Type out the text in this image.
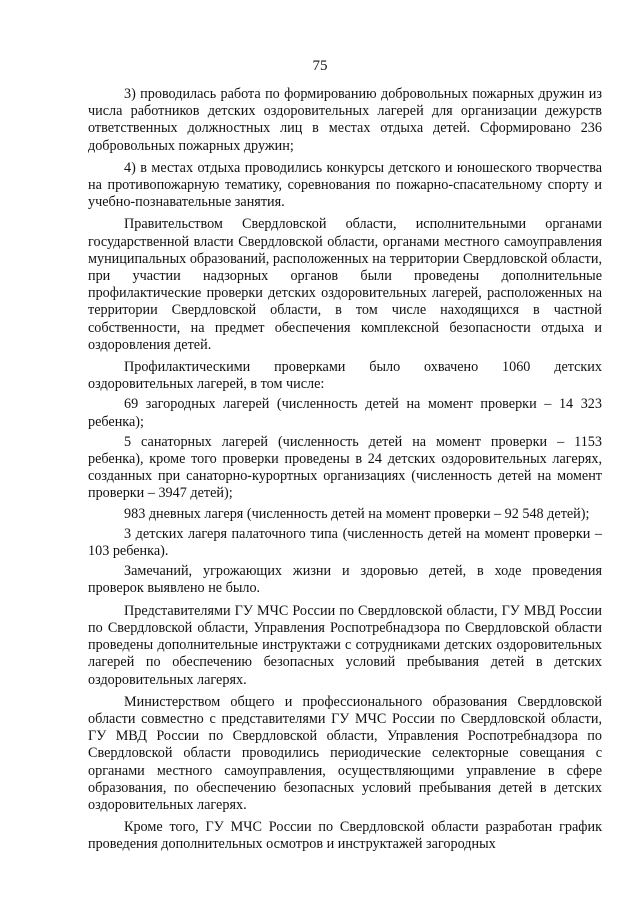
75

3) проводилась работа по формированию добровольных пожарных дружин из числа работников детских оздоровительных лагерей для организации дежурств ответственных должностных лиц в местах отдыха детей. Сформировано 236 добровольных пожарных дружин;

4) в местах отдыха проводились конкурсы детского и юношеского творчества на противопожарную тематику, соревнования по пожарно-спасательному спорту и учебно-познавательные занятия.

Правительством Свердловской области, исполнительными органами государственной власти Свердловской области, органами местного самоуправления муниципальных образований, расположенных на территории Свердловской области, при участии надзорных органов были проведены дополнительные профилактические проверки детских оздоровительных лагерей, расположенных на территории Свердловской области, в том числе находящихся в частной собственности, на предмет обеспечения комплексной безопасности отдыха и оздоровления детей.

Профилактическими проверками было охвачено 1060 детских оздоровительных лагерей, в том числе:

69 загородных лагерей (численность детей на момент проверки – 14 323 ребенка);

5 санаторных лагерей (численность детей на момент проверки – 1153 ребенка), кроме того проверки проведены в 24 детских оздоровительных лагерях, созданных при санаторно-курортных организациях (численность детей на момент проверки – 3947 детей);

983 дневных лагеря (численность детей на момент проверки – 92 548 детей);

3 детских лагеря палаточного типа (численность детей на момент проверки – 103 ребенка).

Замечаний, угрожающих жизни и здоровью детей, в ходе проведения проверок выявлено не было.

Представителями ГУ МЧС России по Свердловской области, ГУ МВД России по Свердловской области, Управления Роспотребнадзора по Свердловской области проведены дополнительные инструктажи с сотрудниками детских оздоровительных лагерей по обеспечению безопасных условий пребывания детей в детских оздоровительных лагерях.

Министерством общего и профессионального образования Свердловской области совместно с представителями ГУ МЧС России по Свердловской области, ГУ МВД России по Свердловской области, Управления Роспотребнадзора по Свердловской области проводились периодические селекторные совещания с органами местного самоуправления, осуществляющими управление в сфере образования, по обеспечению безопасных условий пребывания детей в детских оздоровительных лагерях.

Кроме того, ГУ МЧС России по Свердловской области разработан график проведения дополнительных осмотров и инструктажей загородных
